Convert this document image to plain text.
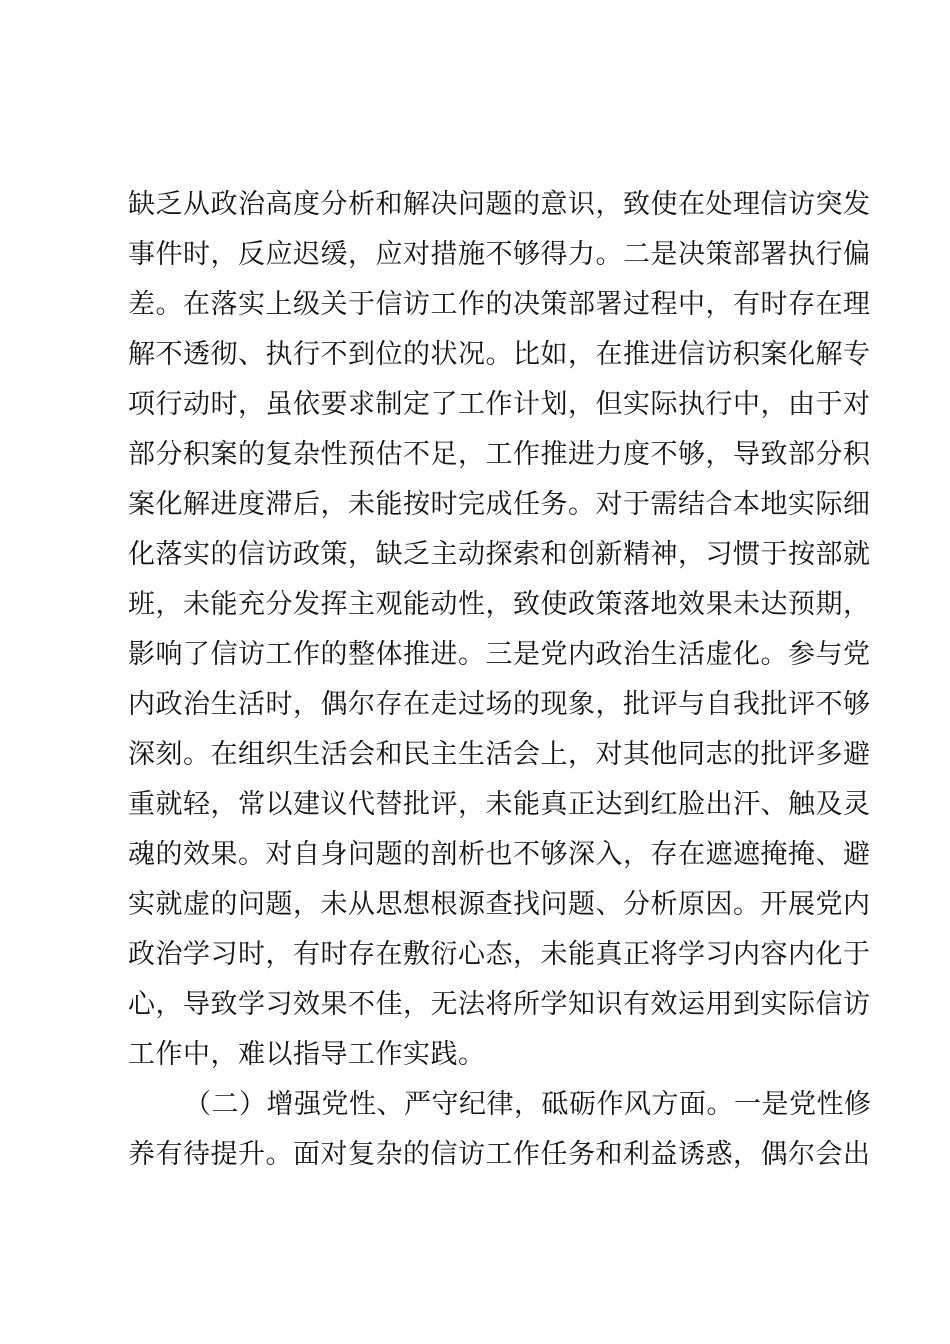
缺乏从政治高度分析和解决问题的意识，致使在处理信访突发
事件时，反应迟缓，应对措施不够得力。二是决策部署执行偏
差。在落实上级关于信访工作的决策部署过程中，有时存在理
解不透彻、执行不到位的状况。比如，在推进信访积案化解专
项行动时，虽依要求制定了工作计划，但实际执行中，由于对
部分积案的复杂性预估不足，工作推进力度不够，导致部分积
案化解进度滞后，未能按时完成任务。对于需结合本地实际细
化落实的信访政策，缺乏主动探索和创新精神，习惯于按部就
班，未能充分发挥主观能动性，致使政策落地效果未达预期，
影响了信访工作的整体推进。三是党内政治生活虚化。参与党
内政治生活时，偶尔存在走过场的现象，批评与自我批评不够
深刻。在组织生活会和民主生活会上，对其他同志的批评多避
重就轻，常以建议代替批评，未能真正达到红脸出汗、触及灵
魂的效果。对自身问题的剖析也不够深入，存在遮遮掩掩、避
实就虚的问题，未从思想根源查找问题、分析原因。开展党内
政治学习时，有时存在敷衍心态，未能真正将学习内容内化于
心，导致学习效果不佳，无法将所学知识有效运用到实际信访
工作中，难以指导工作实践。
（二）增强党性、严守纪律，砥砺作风方面。一是党性修
养有待提升。面对复杂的信访工作任务和利益诱惑，偶尔会出
